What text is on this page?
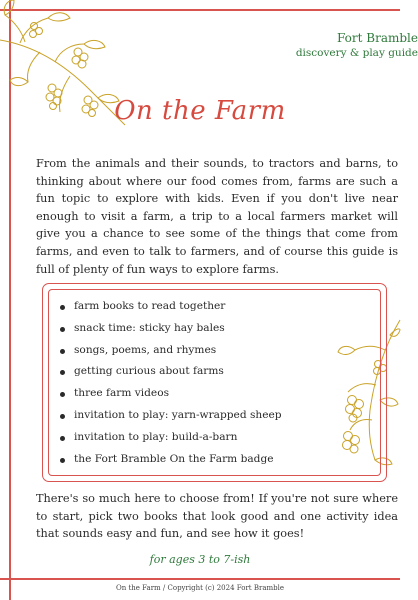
Fort Bramble
discovery & play guide
On the Farm
From the animals and their sounds, to tractors and barns, to thinking about where our food comes from, farms are such a fun topic to explore with kids. Even if you don't live near enough to visit a farm, a trip to a local farmers market will give you a chance to see some of the things that come from farms, and even to talk to farmers, and of course this guide is full of plenty of fun ways to explore farms.
farm books to read together
snack time: sticky hay bales
songs, poems, and rhymes
getting curious about farms
three farm videos
invitation to play: yarn-wrapped sheep
invitation to play: build-a-barn
the Fort Bramble On the Farm badge
There's so much here to choose from! If you're not sure where to start, pick two books that look good and one activity idea that sounds easy and fun, and see how it goes!
for ages 3 to 7-ish
On the Farm / Copyright (c) 2024 Fort Bramble
